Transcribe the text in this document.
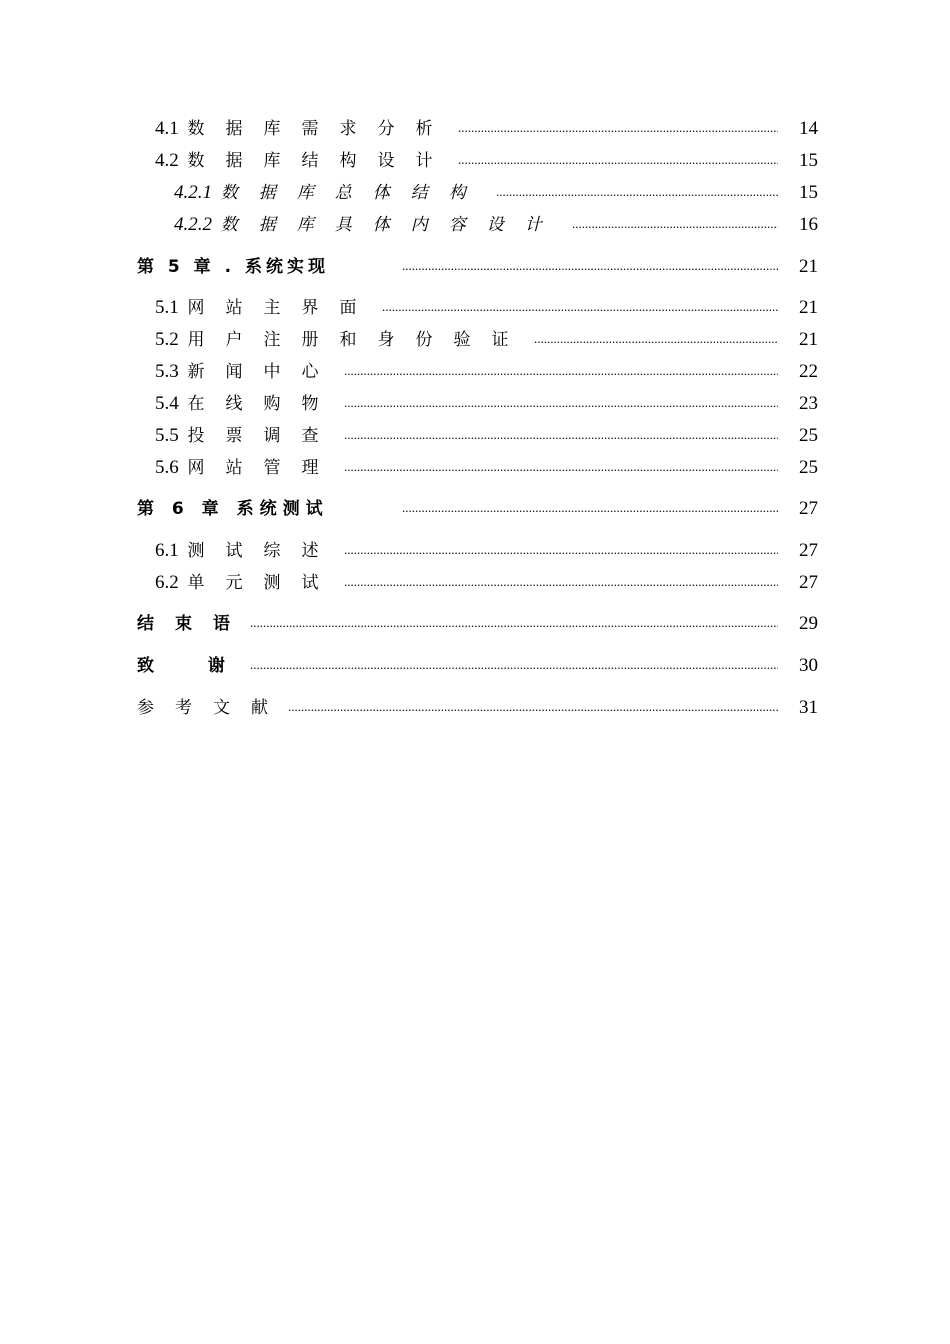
4.1 数据库需求分析 .....	14
4.2 数据库结构设计 .....	15
4.2.1 数据库总体结构 .....	15
4.2.2 数据库具体内容设计 .....	16
第 5 章 . 系统实现 .....	21
5.1 网站主界面 .....	21
5.2 用户注册和身份验证 .....	21
5.3 新闻中心 .....	22
5.4 在线购物 .....	23
5.5 投票调查 .....	25
5.6 网站管理 .....	25
第 6 章 系统测试 .....	27
6.1 测试综述 .....	27
6.2 单元测试 .....	27
结束语 .....	29
致 谢 .....	30
参考文献 .....	31
